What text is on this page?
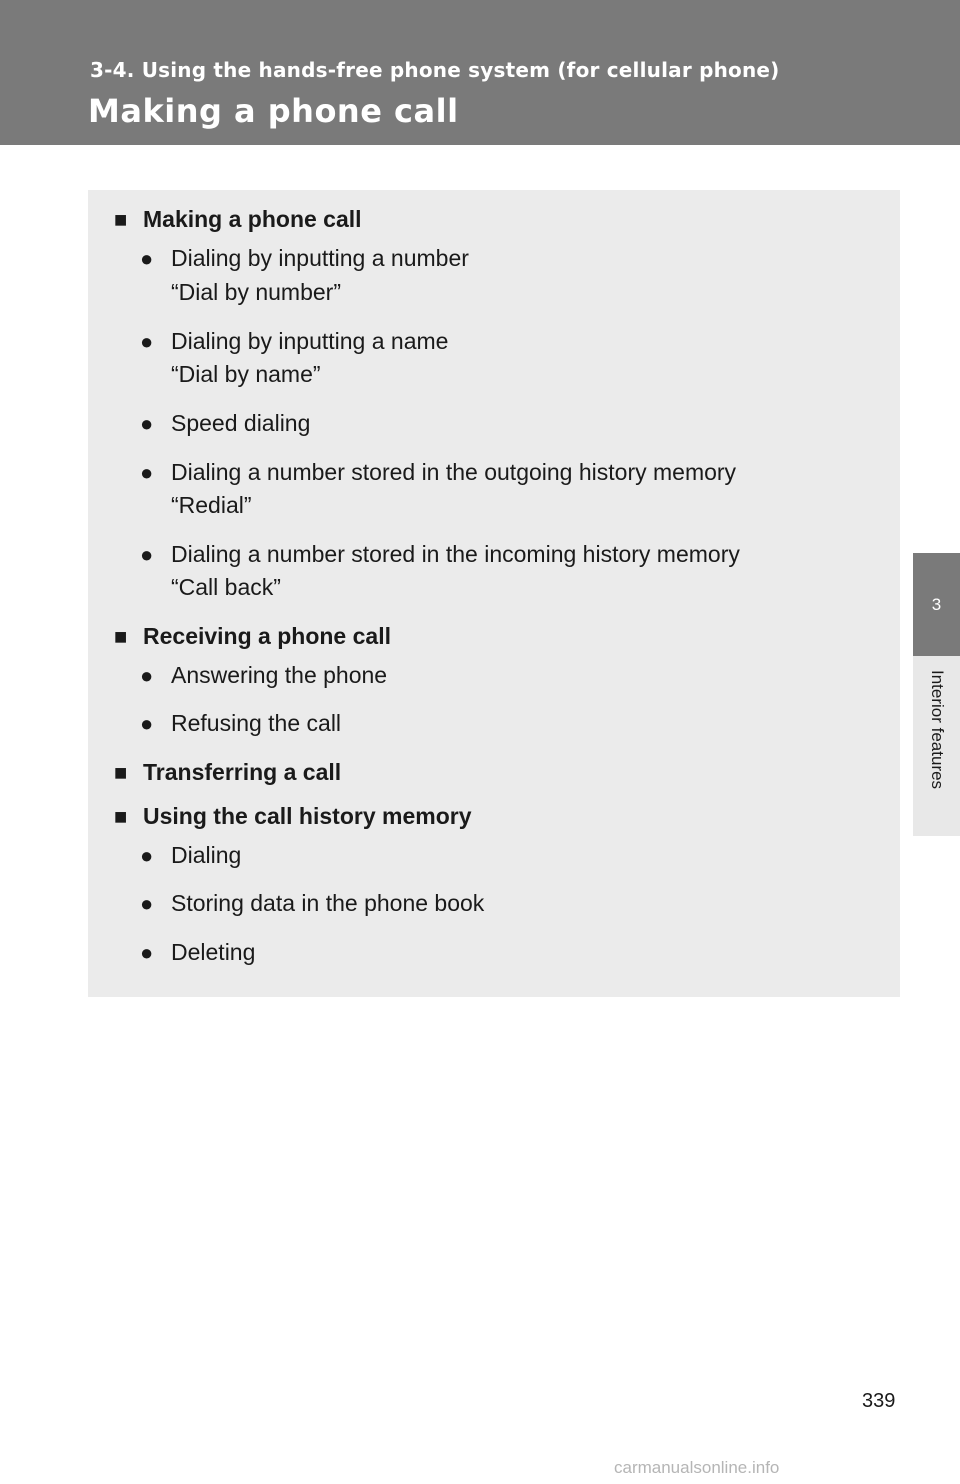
3-4. Using the hands-free phone system (for cellular phone)
Making a phone call
3
Interior features
■ Making a phone call
● Dialing by inputting a number
“Dial by number”
● Dialing by inputting a name
“Dial by name”
● Speed dialing
● Dialing a number stored in the outgoing history memory
“Redial”
● Dialing a number stored in the incoming history memory
“Call back”
■ Receiving a phone call
● Answering the phone
● Refusing the call
■ Transferring a call
■ Using the call history memory
● Dialing
● Storing data in the phone book
● Deleting
339
carmanualsonline.info
